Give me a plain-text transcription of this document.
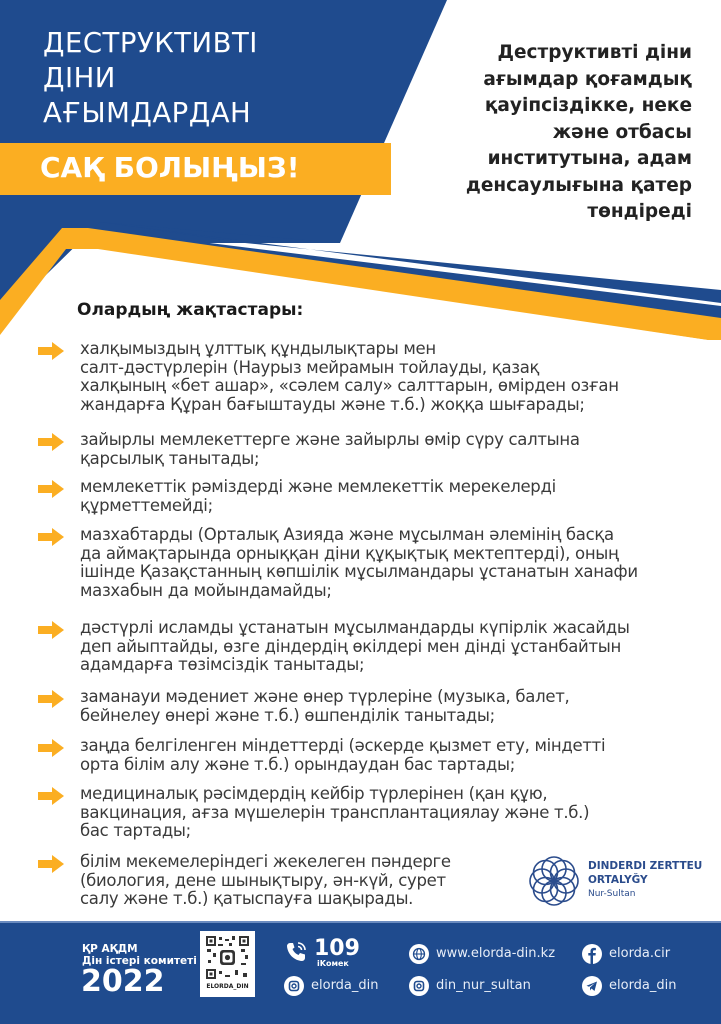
ДЕСТРУКТИВТІ
ДІНИ
АҒЫМДАРДАН
САҚ БОЛЫҢЫЗ!
Деструктивті діни
ағымдар қоғамдық
қауіпсіздікке, неке
және отбасы
институтына, адам
денсаулығына қатер
төндіреді
Олардың жақтастары:
халқымыздың ұлттық құндылықтары мен
салт-дәстүрлерін (Наурыз мейрамын тойлауды, қазақ
халқының «бет ашар», «сәлем салу» салттарын, өмірден озған
жандарға Құран бағыштауды және т.б.) жоққа шығарады;
зайырлы мемлекеттерге және зайырлы өмір сүру салтына
қарсылық танытады;
мемлекеттік рәміздерді және мемлекеттік мерекелерді
құрметтемейді;
мазхабтарды (Орталық Азияда және мұсылман әлемінің басқа
да аймақтарында орныққан діни құқықтық мектептерді), оның
ішінде Қазақстанның көпшілік мұсылмандары ұстанатын ханафи
мазхабын да мойындамайды;
дәстүрлі исламды ұстанатын мұсылмандарды күпірлік жасайды
деп айыптайды, өзге діндердің өкілдері мен дінді ұстанбайтын
адамдарға төзімсіздік танытады;
заманауи мәдениет және өнер түрлеріне (музыка, балет,
бейнелеу өнері және т.б.) өшпенділік танытады;
заңда белгіленген міндеттерді (әскерде қызмет ету, міндетті
орта білім алу және т.б.) орындаудан бас тартады;
медициналық рәсімдердің кейбір түрлерінен (қан құю,
вакцинация, ағза мүшелерін трансплантациялау және т.б.)
бас тартады;
білім мекемелеріндегі жекелеген пәндерге
(биология, дене шынықтыру, ән-күй, сурет
салу және т.б.) қатыспауға шақырады.
DINDERDI ZERTTEU
ORTALYĞY
Nur-Sultan
ҚР АҚДМ
Дін істері комитеті
2022	ELORDA_DIN
109
iKомек
elorda_din
www.elorda-din.kz
din_nur_sultan
elorda.cir
elorda_din
